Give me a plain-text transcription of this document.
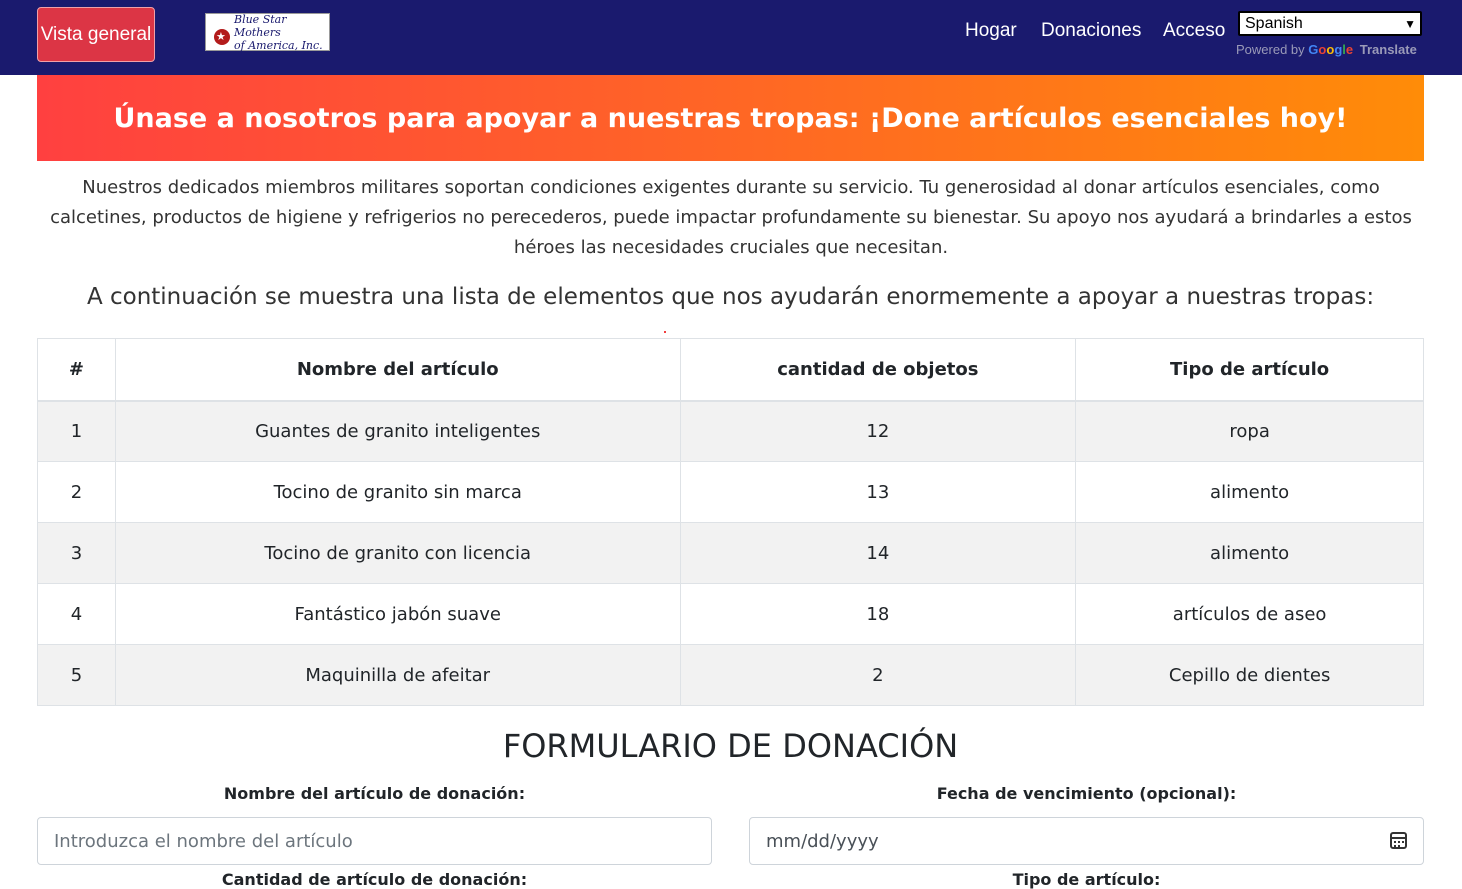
Vista general
★
Blue Star Mothers
of America, Inc.
Hogar Donaciones Acceso Spanish	▼
Powered by Google Translate
Únase a nosotros para apoyar a nuestras tropas: ¡Done artículos esenciales hoy!

Nuestros dedicados miembros militares soportan condiciones exigentes durante su servicio. Tu generosidad al donar artículos esenciales, como calcetines, productos de higiene y refrigerios no perecederos, puede impactar profundamente su bienestar. Su apoyo nos ayudará a brindarles a estos héroes las necesidades cruciales que necesitan.

A continuación se muestra una lista de elementos que nos ayudarán enormemente a apoyar a nuestras tropas:
#	Nombre del artículo	cantidad de objetos	Tipo de artículo
1	Guantes de granito inteligentes	12	ropa
2	Tocino de granito sin marca	13	alimento
3	Tocino de granito con licencia	14	alimento
4	Fantástico jabón suave	18	artículos de aseo
5	Maquinilla de afeitar	2	Cepillo de dientes
FORMULARIO DE DONACIÓN
Nombre del artículo de donación:	Fecha de vencimiento (opcional):
Introduzca el nombre del artículo	mm/dd/yyyy
Cantidad de artículo de donación:	Tipo de artículo:
